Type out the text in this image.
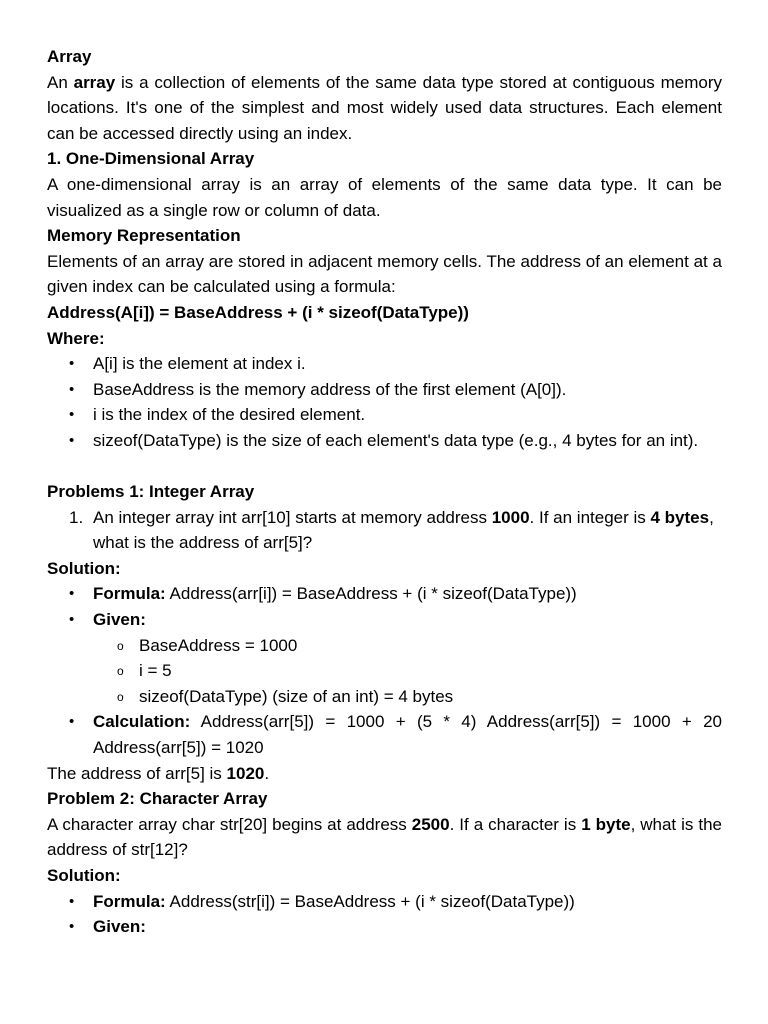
Array

An array is a collection of elements of the same data type stored at contiguous memory locations. It's one of the simplest and most widely used data structures. Each element can be accessed directly using an index.

1. One-Dimensional Array

A one-dimensional array is an array of elements of the same data type. It can be visualized as a single row or column of data.

Memory Representation

Elements of an array are stored in adjacent memory cells. The address of an element at a given index can be calculated using a formula:

Address(A[i]) = BaseAddress + (i * sizeof(DataType))

Where:

• A[i] is the element at index i.
• BaseAddress is the memory address of the first element (A[0]).
• i is the index of the desired element.
• sizeof(DataType) is the size of each element's data type (e.g., 4 bytes for an int).

Problems 1: Integer Array

1. An integer array int arr[10] starts at memory address 1000. If an integer is 4 bytes, what is the address of arr[5]?

Solution:

• Formula: Address(arr[i]) = BaseAddress + (i * sizeof(DataType))
• Given:
o BaseAddress = 1000
o i = 5
o sizeof(DataType) (size of an int) = 4 bytes
• Calculation: Address(arr[5]) = 1000 + (5 * 4) Address(arr[5]) = 1000 + 20 Address(arr[5]) = 1020

The address of arr[5] is 1020.

Problem 2: Character Array

A character array char str[20] begins at address 2500. If a character is 1 byte, what is the address of str[12]?

Solution:

• Formula: Address(str[i]) = BaseAddress + (i * sizeof(DataType))
• Given:
